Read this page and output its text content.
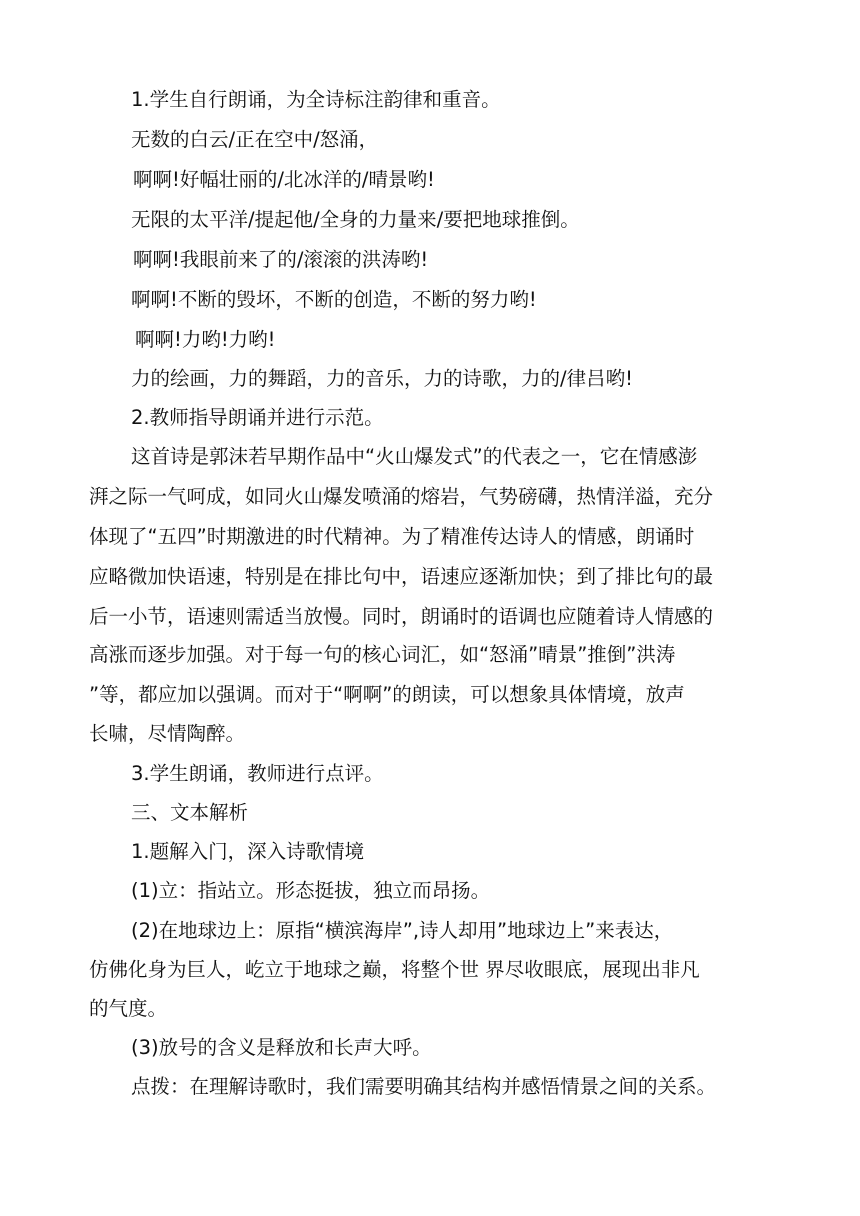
1.学生自行朗诵，为全诗标注韵律和重音。
无数的白云/正在空中/怒涌，
啊啊!好幅壮丽的/北冰洋的/晴景哟!
无限的太平洋/提起他/全身的力量来/要把地球推倒。
啊啊!我眼前来了的/滚滚的洪涛哟!
啊啊!不断的毁坏，不断的创造，不断的努力哟!
啊啊!力哟!力哟!
力的绘画，力的舞蹈，力的音乐，力的诗歌，力的/律吕哟!
2.教师指导朗诵并进行示范。
这首诗是郭沫若早期作品中“火山爆发式”的代表之一，它在情感澎
湃之际一气呵成，如同火山爆发喷涌的熔岩，气势磅礴，热情洋溢，充分
体现了“五四”时期激进的时代精神。为了精准传达诗人的情感，朗诵时
应略微加快语速，特别是在排比句中，语速应逐渐加快；到了排比句的最
后一小节，语速则需适当放慢。同时，朗诵时的语调也应随着诗人情感的
高涨而逐步加强。对于每一句的核心词汇，如“怒涌”晴景”推倒”洪涛
”等，都应加以强调。而对于“啊啊”的朗读，可以想象具体情境，放声
长啸，尽情陶醉。
3.学生朗诵，教师进行点评。
三、文本解析
1.题解入门，深入诗歌情境
(1)立：指站立。形态挺拔，独立而昂扬。
(2)在地球边上：原指“横滨海岸”,诗人却用”地球边上”来表达，
仿佛化身为巨人，屹立于地球之巅，将整个世 界尽收眼底，展现出非凡
的气度。
(3)放号的含义是释放和长声大呼。
点拨：在理解诗歌时，我们需要明确其结构并感悟情景之间的关系。
